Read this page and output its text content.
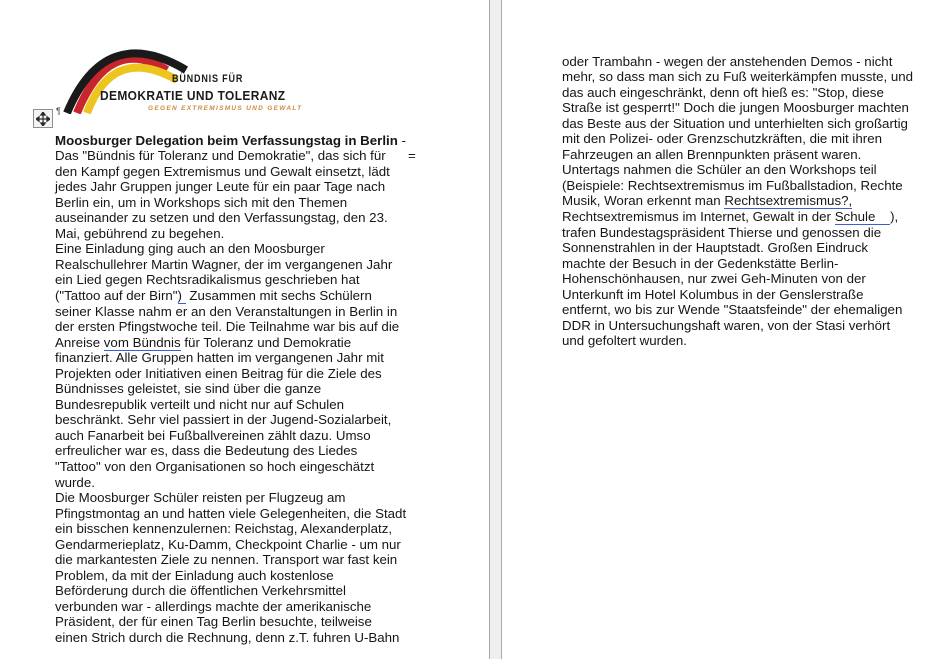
BÜNDNIS FÜR
DEMOKRATIE UND TOLERANZ
GEGEN EXTREMISMUS UND GEWALT
¶
=
Moosburger Delegation beim Verfassungstag in Berlin -
Das "Bündnis für Toleranz und Demokratie", das sich für
den Kampf gegen Extremismus und Gewalt einsetzt, lädt
jedes Jahr Gruppen junger Leute für ein paar Tage nach
Berlin ein, um in Workshops sich mit den Themen
auseinander zu setzen und den Verfassungstag, den 23.
Mai, gebührend zu begehen.
Eine Einladung ging auch an den Moosburger
Realschullehrer Martin Wagner, der im vergangenen Jahr
ein Lied gegen Rechtsradikalismus geschrieben hat
("Tattoo auf der Birn")  Zusammen mit sechs Schülern
seiner Klasse nahm er an den Veranstaltungen in Berlin in
der ersten Pfingstwoche teil. Die Teilnahme war bis auf die
Anreise vom Bündnis für Toleranz und Demokratie
finanziert. Alle Gruppen hatten im vergangenen Jahr mit
Projekten oder Initiativen einen Beitrag für die Ziele des
Bündnisses geleistet, sie sind über die ganze
Bundesrepublik verteilt und nicht nur auf Schulen
beschränkt. Sehr viel passiert in der Jugend-Sozialarbeit,
auch Fanarbeit bei Fußballvereinen zählt dazu. Umso
erfreulicher war es, dass die Bedeutung des Liedes
"Tattoo" von den Organisationen so hoch eingeschätzt
wurde.
Die Moosburger Schüler reisten per Flugzeug am
Pfingstmontag an und hatten viele Gelegenheiten, die Stadt
ein bisschen kennenzulernen: Reichstag, Alexanderplatz,
Gendarmerieplatz, Ku-Damm, Checkpoint Charlie - um nur
die markantesten Ziele zu nennen. Transport war fast kein
Problem, da mit der Einladung auch kostenlose
Beförderung durch die öffentlichen Verkehrsmittel
verbunden war - allerdings machte der amerikanische
Präsident, der für einen Tag Berlin besuchte, teilweise
einen Strich durch die Rechnung, denn z.T. fuhren U-Bahn
oder Trambahn - wegen der anstehenden Demos - nicht
mehr, so dass man sich zu Fuß weiterkämpfen musste, und
das auch eingeschränkt, denn oft hieß es: "Stop, diese
Straße ist gesperrt!" Doch die jungen Moosburger machten
das Beste aus der Situation und unterhielten sich großartig
mit den Polizei- oder Grenzschutzkräften, die mit ihren
Fahrzeugen an allen Brennpunkten präsent waren.
Untertags nahmen die Schüler an den Workshops teil
(Beispiele: Rechtsextremismus im Fußballstadion, Rechte
Musik, Woran erkennt man Rechtsextremismus?,
Rechtsextremismus im Internet, Gewalt in der Schule    ),
trafen Bundestagspräsident Thierse und genossen die
Sonnenstrahlen in der Hauptstadt. Großen Eindruck
machte der Besuch in der Gedenkstätte Berlin-
Hohenschönhausen, nur zwei Geh-Minuten von der
Unterkunft im Hotel Kolumbus in der Genslerstraße
entfernt, wo bis zur Wende "Staatsfeinde" der ehemaligen
DDR in Untersuchungshaft waren, von der Stasi verhört
und gefoltert wurden.
